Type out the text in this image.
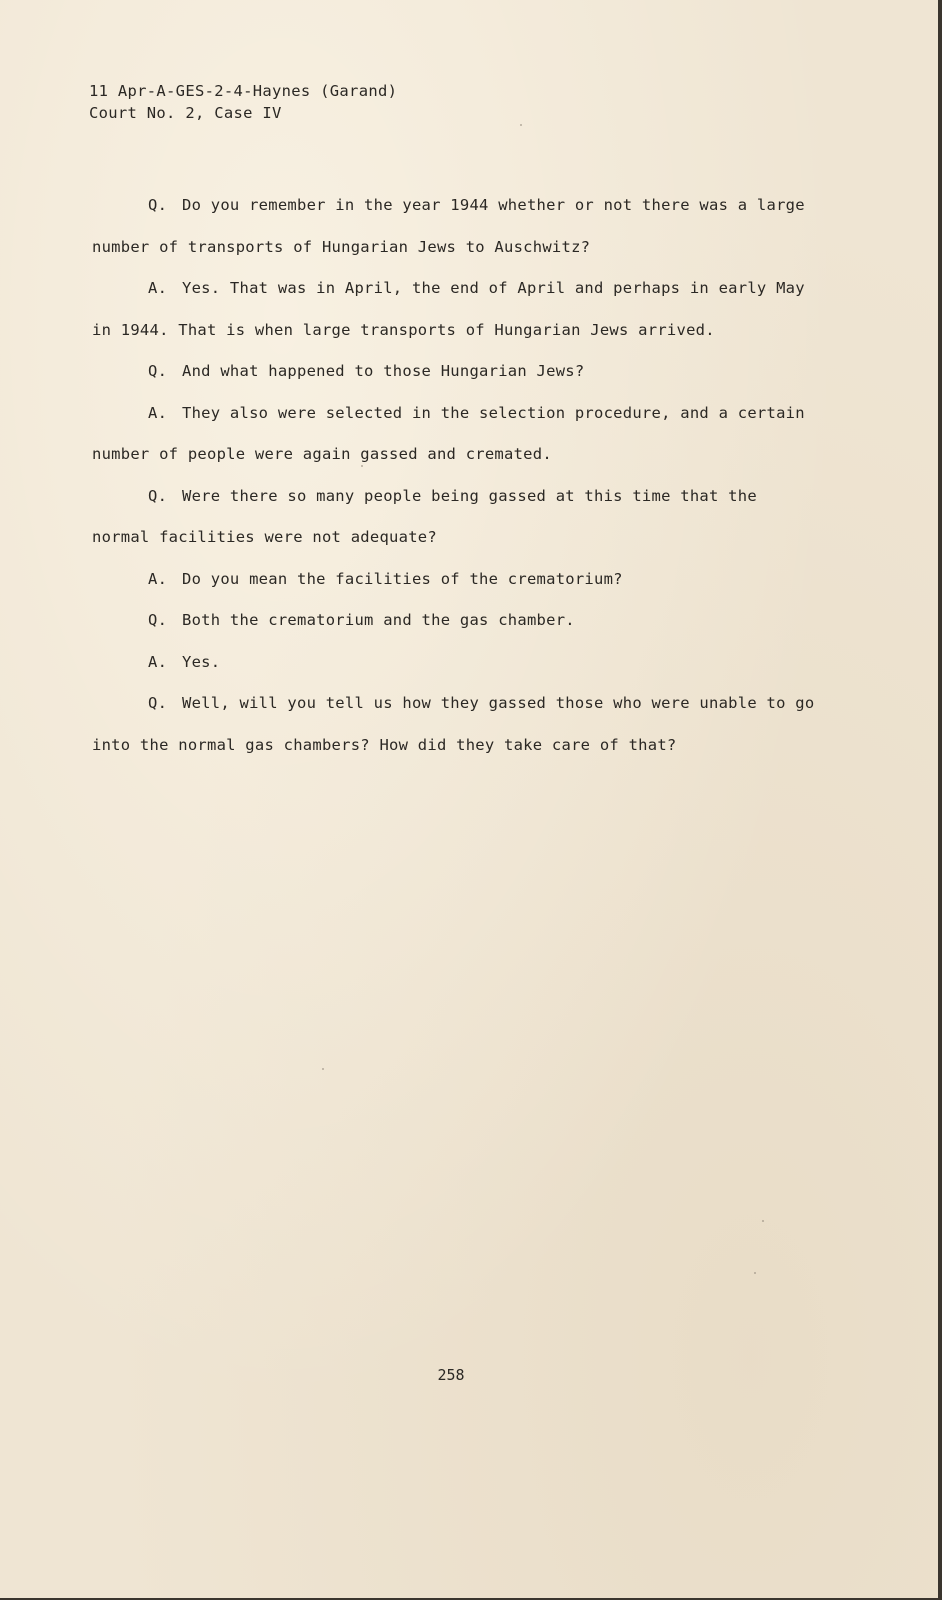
11 Apr-A-GES-2-4-Haynes (Garand)
Court No. 2, Case IV

Q. Do you remember in the year 1944 whether or not there was a large number of transports of Hungarian Jews to Auschwitz?

A. Yes. That was in April, the end of April and perhaps in early May in 1944. That is when large transports of Hungarian Jews arrived.

Q. And what happened to those Hungarian Jews?

A. They also were selected in the selection procedure, and a certain number of people were again gassed and cremated.

Q. Were there so many people being gassed at this time that the normal facilities were not adequate?

A. Do you mean the facilities of the crematorium?

Q. Both the crematorium and the gas chamber.

A. Yes.

Q. Well, will you tell us how they gassed those who were unable to go into the normal gas chambers? How did they take care of that?

258
